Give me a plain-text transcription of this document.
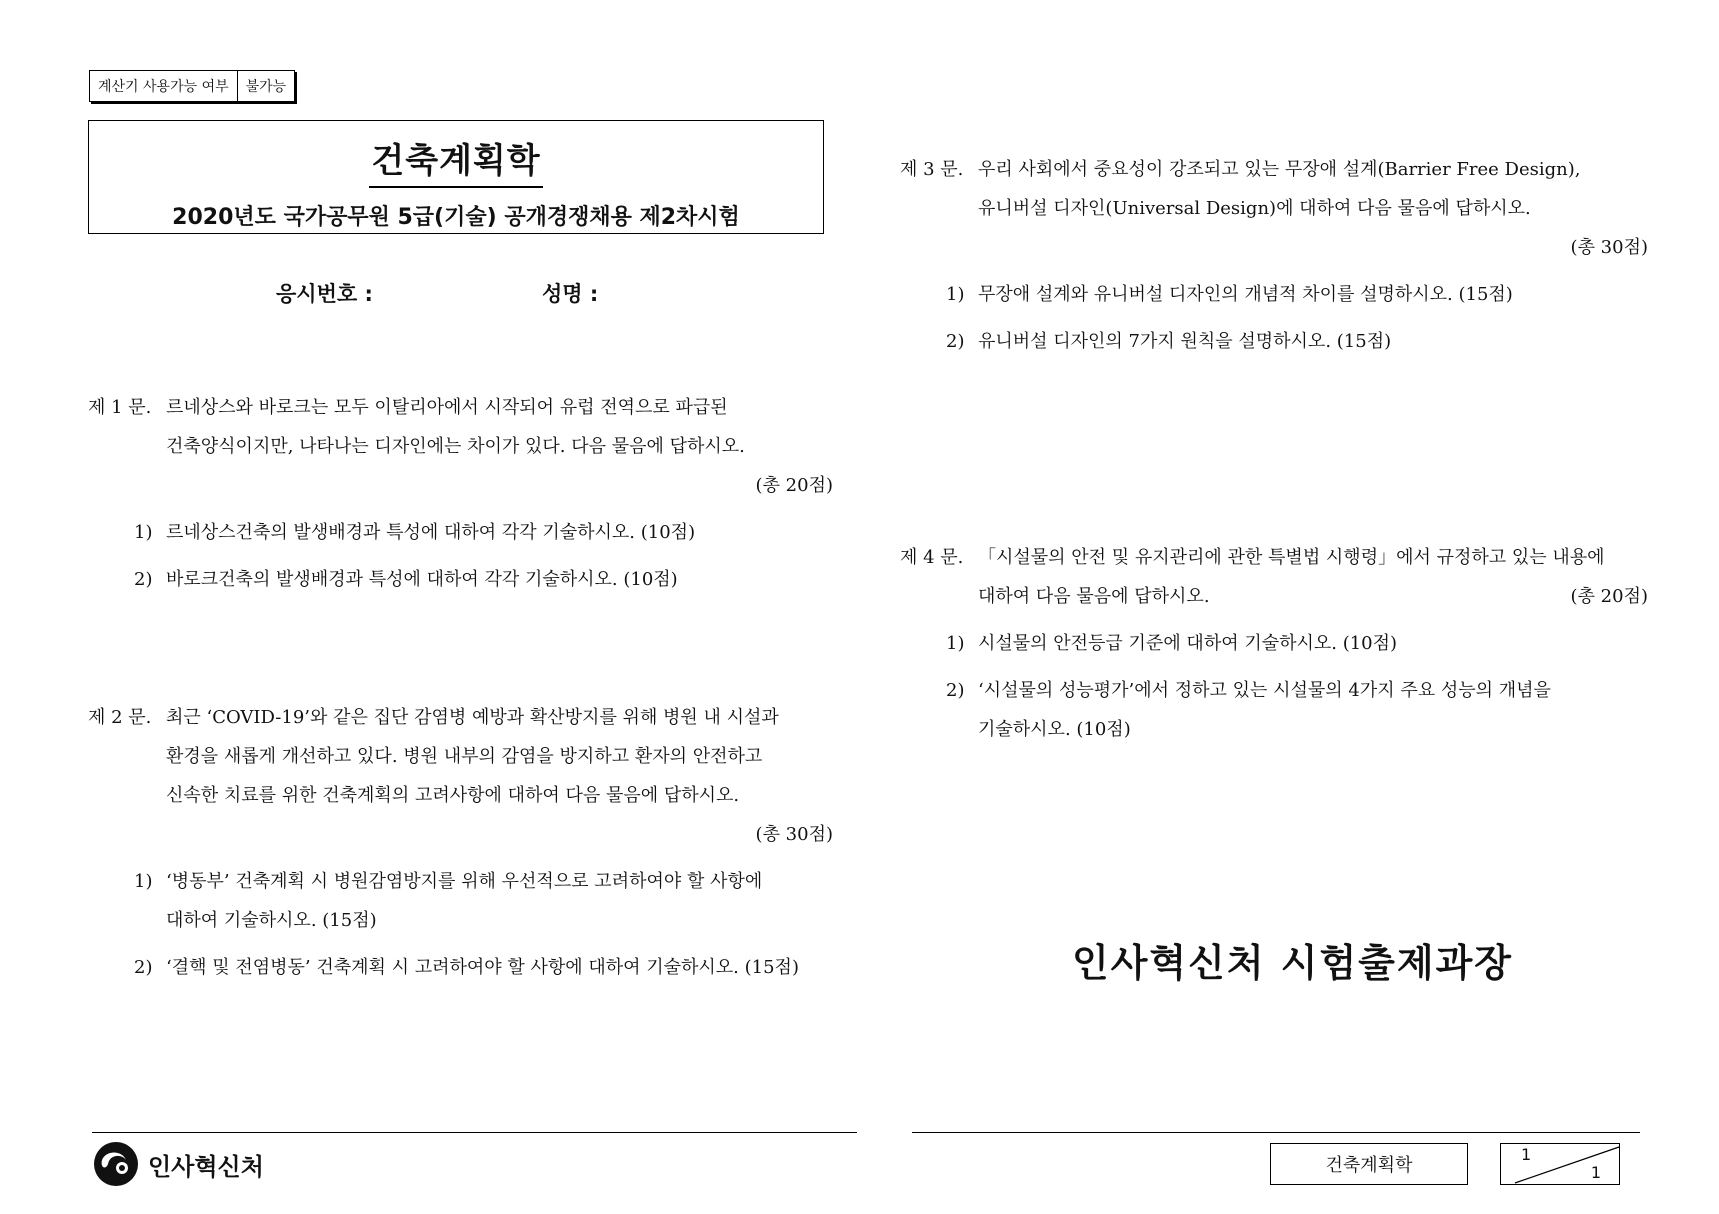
계산기 사용가능 여부	불가능
건축계획학
2020년도 국가공무원 5급(기술) 공개경쟁채용 제2차시험
응시번호 :	성명 :
제 1 문. 르네상스와 바로크는 모두 이탈리아에서 시작되어 유럽 전역으로 파급된
건축양식이지만, 나타나는 디자인에는 차이가 있다. 다음 물음에 답하시오.
(총 20점)
1) 르네상스건축의 발생배경과 특성에 대하여 각각 기술하시오. (10점)
2) 바로크건축의 발생배경과 특성에 대하여 각각 기술하시오. (10점)
제 2 문. 최근 ‘COVID-19’와 같은 집단 감염병 예방과 확산방지를 위해 병원 내 시설과
환경을 새롭게 개선하고 있다. 병원 내부의 감염을 방지하고 환자의 안전하고
신속한 치료를 위한 건축계획의 고려사항에 대하여 다음 물음에 답하시오.
(총 30점)
1) ‘병동부’ 건축계획 시 병원감염방지를 위해 우선적으로 고려하여야 할 사항에
대하여 기술하시오. (15점)
2) ‘결핵 및 전염병동’ 건축계획 시 고려하여야 할 사항에 대하여 기술하시오. (15점)
제 3 문. 우리 사회에서 중요성이 강조되고 있는 무장애 설계(Barrier Free Design),
유니버설 디자인(Universal Design)에 대하여 다음 물음에 답하시오.
(총 30점)
1) 무장애 설계와 유니버설 디자인의 개념적 차이를 설명하시오. (15점)
2) 유니버설 디자인의 7가지 원칙을 설명하시오. (15점)
제 4 문. 「시설물의 안전 및 유지관리에 관한 특별법 시행령」에서 규정하고 있는 내용에
대하여 다음 물음에 답하시오.	(총 20점)
1) 시설물의 안전등급 기준에 대하여 기술하시오. (10점)
2) ‘시설물의 성능평가’에서 정하고 있는 시설물의 4가지 주요 성능의 개념을
기술하시오. (10점)
인사혁신처 시험출제과장
인사혁신처	건축계획학
1
1
